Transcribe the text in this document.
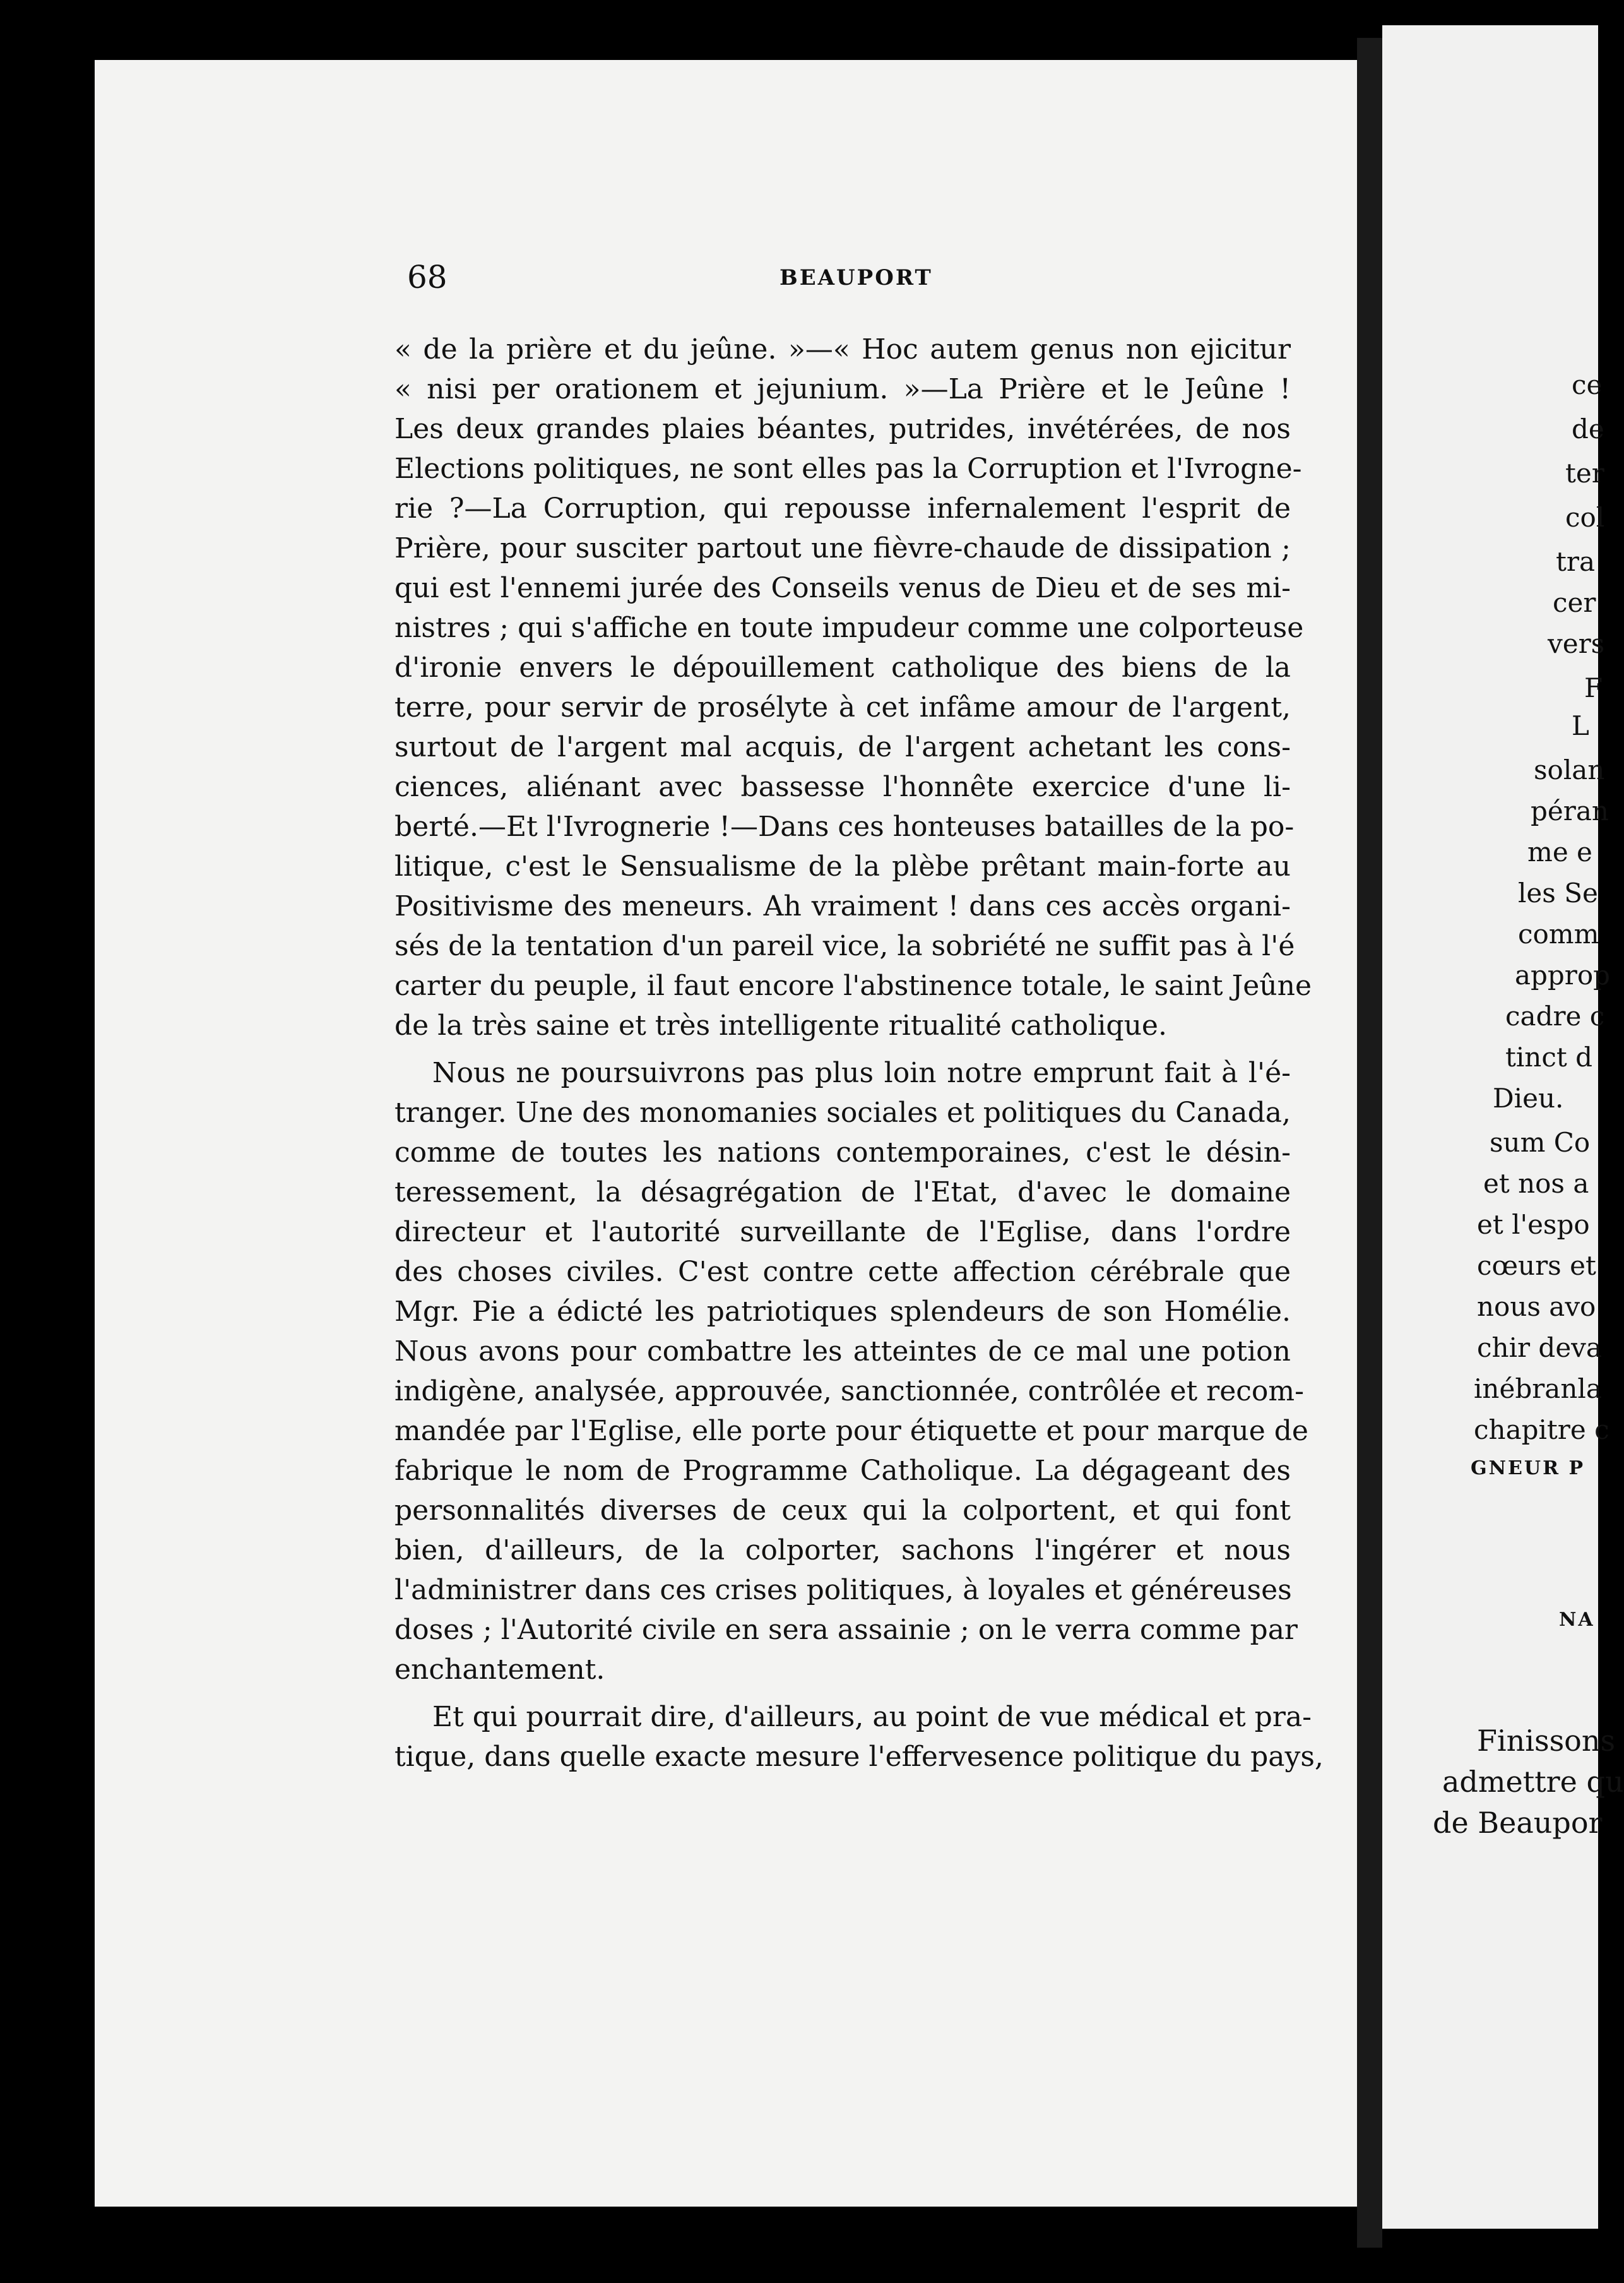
ce
de
ter
col
tra
cer
vers
F
L
solan
péran
me e
les Se
comm
approp
cadre c
tinct d
Dieu.
sum Co
et nos a
et l'espo
cœurs et
nous avo
chir deva
inébranla
chapitre c
GNEUR P
NA
Finissons
admettre qu
de Beaupor
68	BEAUPORT
« de la prière et du jeûne. »—« Hoc autem genus non ejicitur
« nisi per orationem et jejunium. »—La Prière et le Jeûne !
Les deux grandes plaies béantes, putrides, invétérées, de nos
Elections politiques, ne sont elles pas la Corruption et l'Ivrogne-
rie ?—La Corruption, qui repousse infernalement l'esprit de
Prière, pour susciter partout une fièvre-chaude de dissipation ;
qui est l'ennemi jurée des Conseils venus de Dieu et de ses mi-
nistres ; qui s'affiche en toute impudeur comme une colporteuse
d'ironie envers le dépouillement catholique des biens de la
terre, pour servir de prosélyte à cet infâme amour de l'argent,
surtout de l'argent mal acquis, de l'argent achetant les cons-
ciences, aliénant avec bassesse l'honnête exercice d'une li-
berté.—Et l'Ivrognerie !—Dans ces honteuses batailles de la po-
litique, c'est le Sensualisme de la plèbe prêtant main-forte au
Positivisme des meneurs. Ah vraiment ! dans ces accès organi-
sés de la tentation d'un pareil vice, la sobriété ne suffit pas à l'é
carter du peuple, il faut encore l'abstinence totale, le saint Jeûne
de la très saine et très intelligente ritualité catholique.
Nous ne poursuivrons pas plus loin notre emprunt fait à l'é-
tranger. Une des monomanies sociales et politiques du Canada,
comme de toutes les nations contemporaines, c'est le désin-
teressement, la désagrégation de l'Etat, d'avec le domaine
directeur et l'autorité surveillante de l'Eglise, dans l'ordre
des choses civiles. C'est contre cette affection cérébrale que
Mgr. Pie a édicté les patriotiques splendeurs de son Homélie.
Nous avons pour combattre les atteintes de ce mal une potion
indigène, analysée, approuvée, sanctionnée, contrôlée et recom-
mandée par l'Eglise, elle porte pour étiquette et pour marque de
fabrique le nom de Programme Catholique. La dégageant des
personnalités diverses de ceux qui la colportent, et qui font
bien, d'ailleurs, de la colporter, sachons l'ingérer et nous
l'administrer dans ces crises politiques, à loyales et généreuses
doses ; l'Autorité civile en sera assainie ; on le verra comme par
enchantement.
Et qui pourrait dire, d'ailleurs, au point de vue médical et pra-
tique, dans quelle exacte mesure l'effervesence politique du pays,
